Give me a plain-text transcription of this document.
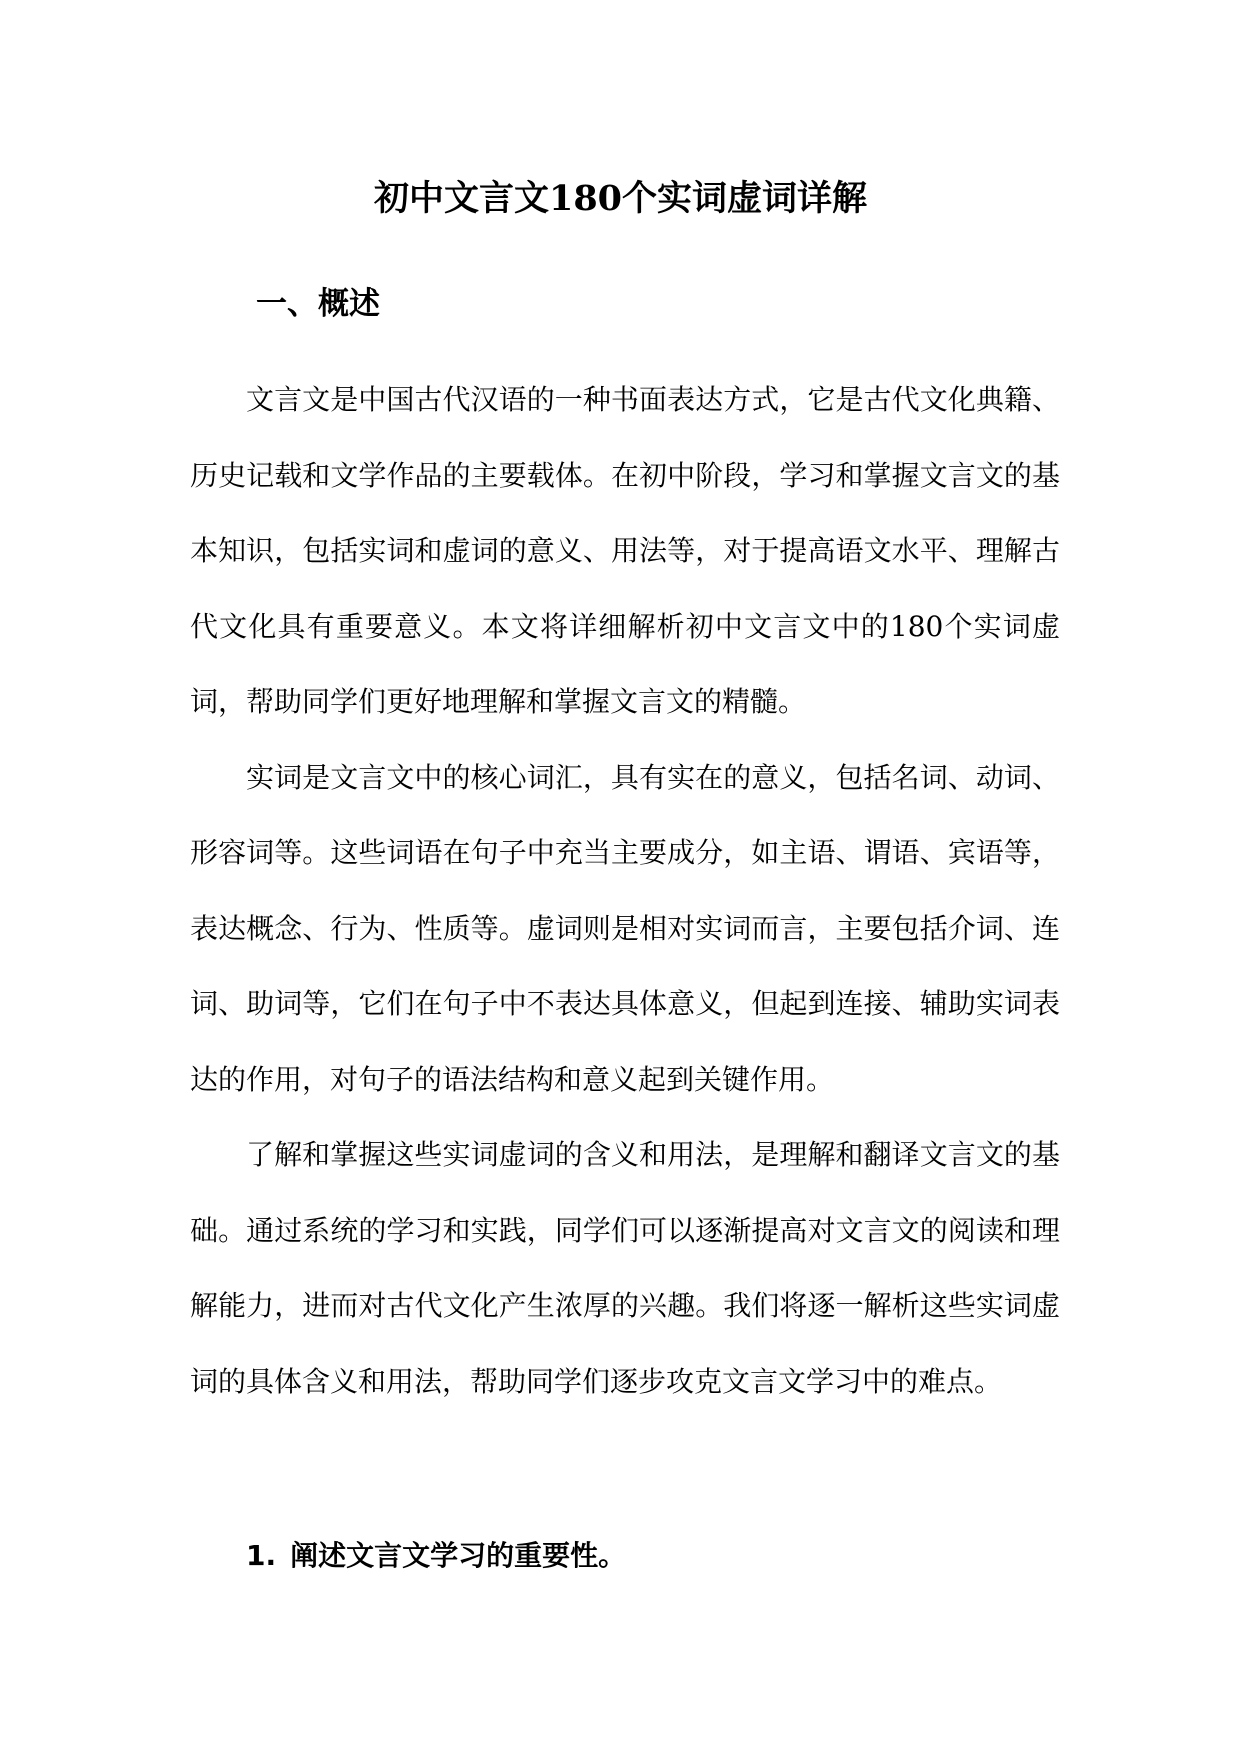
初中文言文180个实词虚词详解
一、概述

文言文是中国古代汉语的一种书面表达方式，它是古代文化典籍、历史记载和文学作品的主要载体。在初中阶段，学习和掌握文言文的基本知识，包括实词和虚词的意义、用法等，对于提高语文水平、理解古代文化具有重要意义。本文将详细解析初中文言文中的180个实词虚词，帮助同学们更好地理解和掌握文言文的精髓。

实词是文言文中的核心词汇，具有实在的意义，包括名词、动词、形容词等。这些词语在句子中充当主要成分，如主语、谓语、宾语等，表达概念、行为、性质等。虚词则是相对实词而言，主要包括介词、连词、助词等，它们在句子中不表达具体意义，但起到连接、辅助实词表达的作用，对句子的语法结构和意义起到关键作用。

了解和掌握这些实词虚词的含义和用法，是理解和翻译文言文的基础。通过系统的学习和实践，同学们可以逐渐提高对文言文的阅读和理解能力，进而对古代文化产生浓厚的兴趣。我们将逐一解析这些实词虚词的具体含义和用法，帮助同学们逐步攻克文言文学习中的难点。

1. 阐述文言文学习的重要性。
